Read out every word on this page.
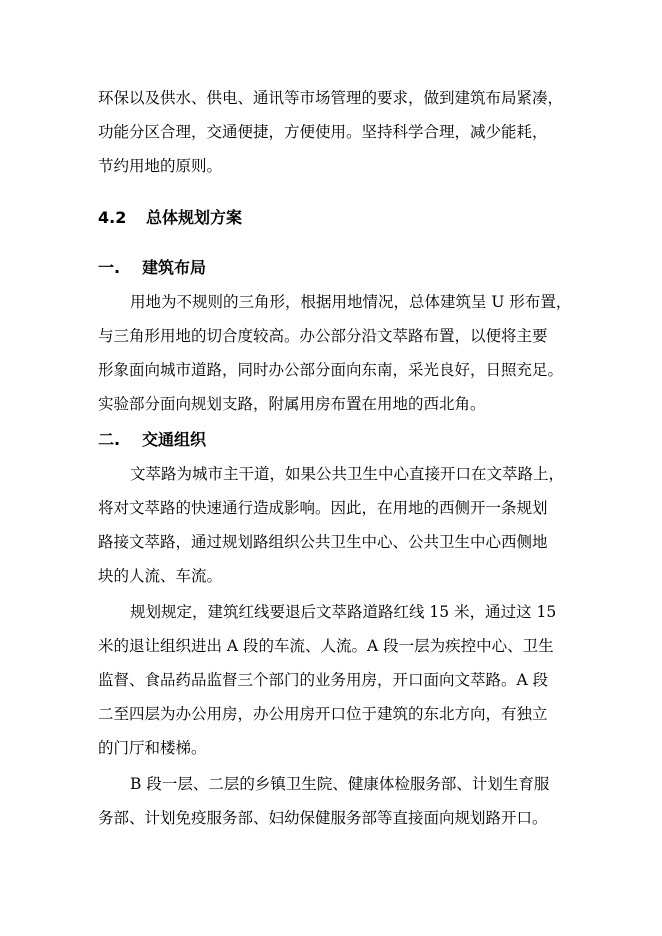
环保以及供水、供电、通讯等市场管理的要求，做到建筑布局紧凑，
功能分区合理，交通便捷，方便使用。坚持科学合理，减少能耗，
节约用地的原则。
4.2 总体规划方案
一. 建筑布局
用地为不规则的三角形，根据用地情况，总体建筑呈 U 形布置，
与三角形用地的切合度较高。办公部分沿文萃路布置，以便将主要
形象面向城市道路，同时办公部分面向东南，采光良好，日照充足。
实验部分面向规划支路，附属用房布置在用地的西北角。
二. 交通组织
文萃路为城市主干道，如果公共卫生中心直接开口在文萃路上，
将对文萃路的快速通行造成影响。因此，在用地的西侧开一条规划
路接文萃路，通过规划路组织公共卫生中心、公共卫生中心西侧地
块的人流、车流。
规划规定，建筑红线要退后文萃路道路红线 15 米，通过这 15
米的退让组织进出 A 段的车流、人流。A 段一层为疾控中心、卫生
监督、食品药品监督三个部门的业务用房，开口面向文萃路。A 段
二至四层为办公用房，办公用房开口位于建筑的东北方向，有独立
的门厅和楼梯。
B 段一层、二层的乡镇卫生院、健康体检服务部、计划生育服
务部、计划免疫服务部、妇幼保健服务部等直接面向规划路开口。
